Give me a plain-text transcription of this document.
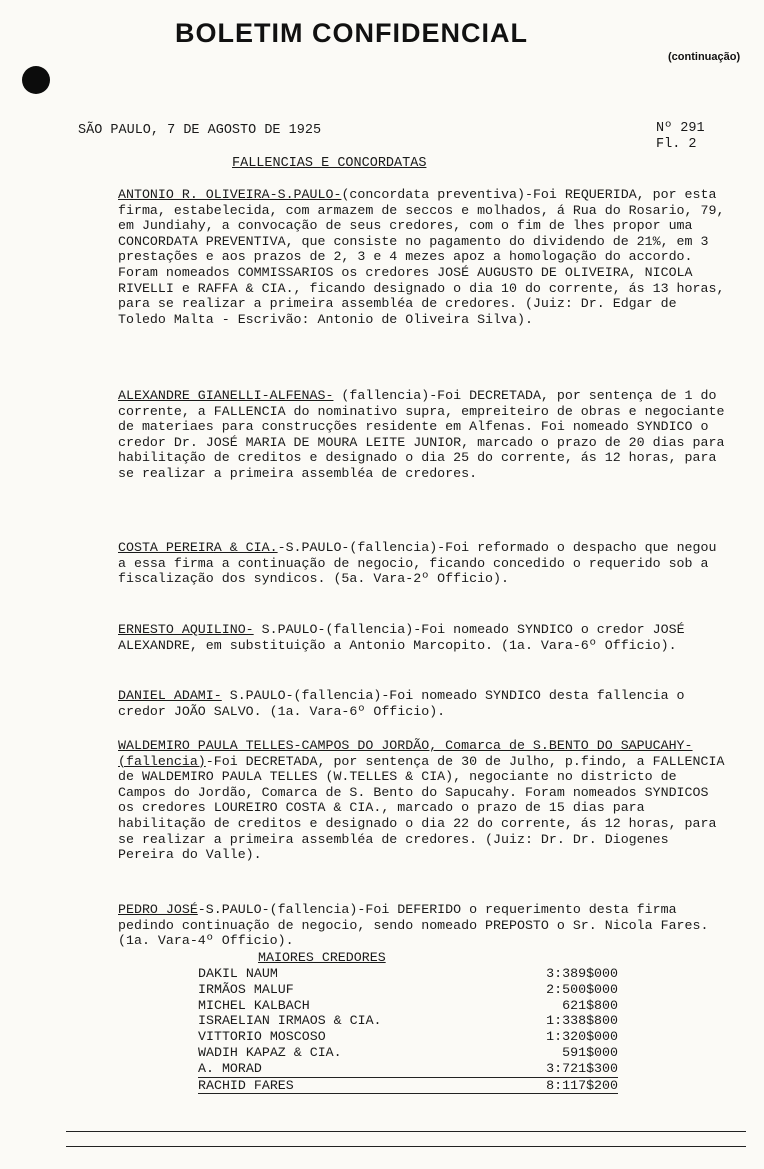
BOLETIM CONFIDENCIAL
(continuação)
SÃO PAULO, 7 DE AGOSTO DE 1925	Nº 291
Fl. 2
FALLENCIAS E CONCORDATAS

ANTONIO R. OLIVEIRA-S.PAULO-(concordata preventiva)-Foi REQUERIDA, por esta firma, estabelecida, com armazem de seccos e molhados, á Rua do Rosario, 79, em Jundiahy, a convocação de seus credores, com o fim de lhes propor uma CONCORDATA PREVENTIVA, que consiste no pagamento do dividendo de 21%, em 3 prestações e aos prazos de 2, 3 e 4 mezes apoz a homologação do accordo. Foram nomeados COMMISSARIOS os credores JOSÉ AUGUSTO DE OLIVEIRA, NICOLA RIVELLI e RAFFA & CIA., ficando designado o dia 10 do corrente, ás 13 horas, para se realizar a primeira assembléa de credores. (Juiz: Dr. Edgar de Toledo Malta - Escrivão: Antonio de Oliveira Silva).

ALEXANDRE GIANELLI-ALFENAS- (fallencia)-Foi DECRETADA, por sentença de 1 do corrente, a FALLENCIA do nominativo supra, empreiteiro de obras e negociante de materiaes para construcções residente em Alfenas. Foi nomeado SYNDICO o credor Dr. JOSÉ MARIA DE MOURA LEITE JUNIOR, marcado o prazo de 20 dias para habilitação de creditos e designado o dia 25 do corrente, ás 12 horas, para se realizar a primeira assembléa de credores.

COSTA PEREIRA & CIA.-S.PAULO-(fallencia)-Foi reformado o despacho que negou a essa firma a continuação de negocio, ficando concedido o requerido sob a fiscalização dos syndicos. (5a. Vara-2º Officio).

ERNESTO AQUILINO- S.PAULO-(fallencia)-Foi nomeado SYNDICO o credor JOSÉ ALEXANDRE, em substituição a Antonio Marcopito. (1a. Vara-6º Officio).

DANIEL ADAMI- S.PAULO-(fallencia)-Foi nomeado SYNDICO desta fallencia o credor JOÃO SALVO. (1a. Vara-6º Officio).

WALDEMIRO PAULA TELLES-CAMPOS DO JORDÃO, Comarca de S.BENTO DO SAPUCAHY-(fallencia)-Foi DECRETADA, por sentença de 30 de Julho, p.findo, a FALLENCIA de WALDEMIRO PAULA TELLES (W.TELLES & CIA), negociante no districto de Campos do Jordão, Comarca de S. Bento do Sapucahy. Foram nomeados SYNDICOS os credores LOUREIRO COSTA & CIA., marcado o prazo de 15 dias para habilitação de creditos e designado o dia 22 do corrente, ás 12 horas, para se realizar a primeira assembléa de credores. (Juiz: Dr. Dr. Diogenes Pereira do Valle).

PEDRO JOSÉ-S.PAULO-(fallencia)-Foi DEFERIDO o requerimento desta firma pedindo continuação de negocio, sendo nomeado PREPOSTO o Sr. Nicola Fares. (1a. Vara-4º Officio).

MAIORES CREDORES
DAKIL NAUM	3:389$000
IRMÃOS MALUF	2:500$000
MICHEL KALBACH	621$800
ISRAELIAN IRMAOS & CIA.	1:338$800
VITTORIO MOSCOSO	1:320$000
WADIH KAPAZ & CIA.	591$000
A. MORAD	3:721$300
RACHID FARES	8:117$200
